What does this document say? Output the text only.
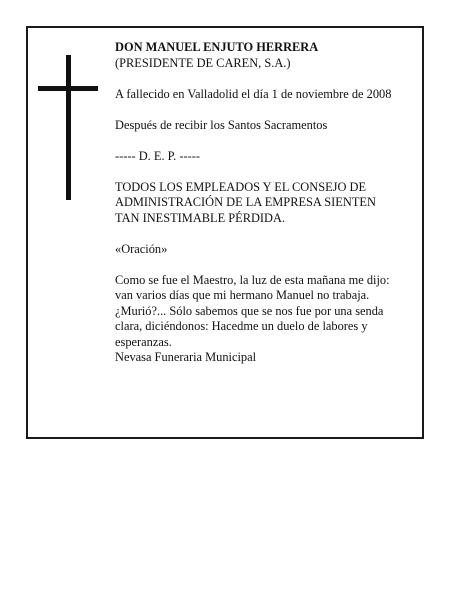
DON MANUEL ENJUTO HERRERA
(PRESIDENTE DE CAREN, S.A.)
A fallecido en Valladolid el día 1 de noviembre de 2008
Después de recibir los Santos Sacramentos
----- D. E. P. -----
TODOS LOS EMPLEADOS Y EL CONSEJO DE
ADMINISTRACIÓN DE LA EMPRESA SIENTEN
TAN INESTIMABLE PÉRDIDA.
«Oración»
Como se fue el Maestro, la luz de esta mañana me dijo:
van varios días que mi hermano Manuel no trabaja.
¿Murió?... Sólo sabemos que se nos fue por una senda
clara, diciéndonos: Hacedme un duelo de labores y
esperanzas.
Nevasa Funeraria Municipal
